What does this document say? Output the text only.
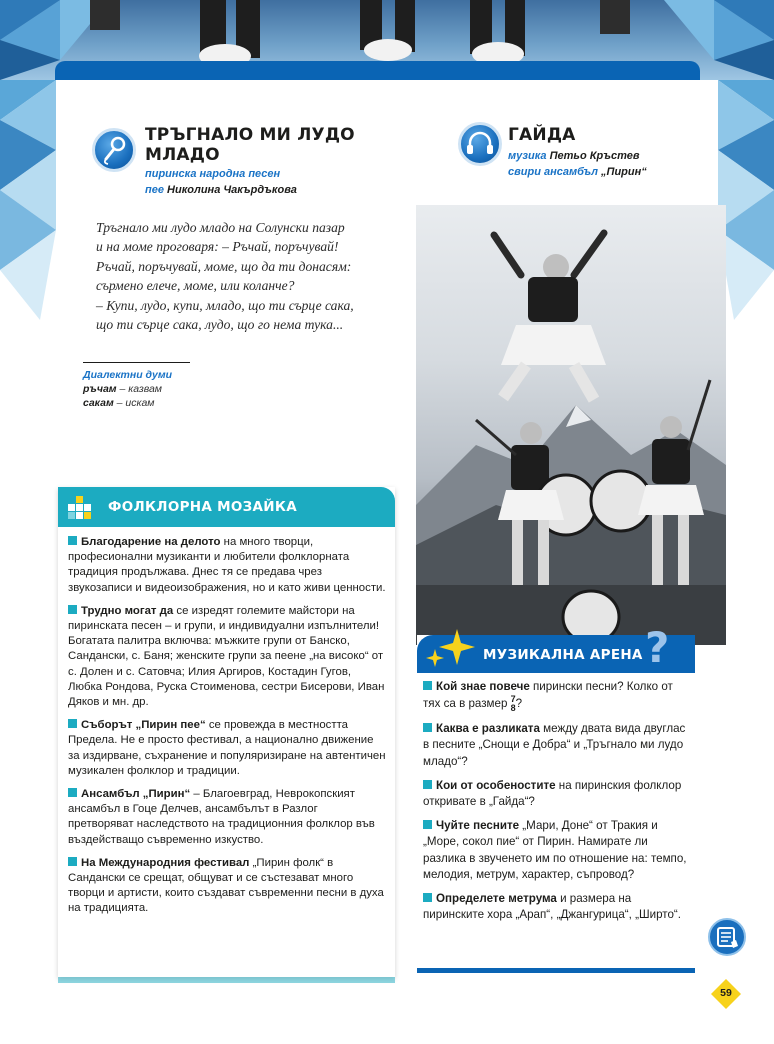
ТРЪГНАЛО МИ ЛУДО
МЛАДО
пиринска народна песен
пее Николина Чакърдъкова
ГАЙДА
музика Петьо Кръстев
свири ансамбъл „Пирин“
Тръгнало ми лудо младо на Солунски пазар
и на моме проговаря: – Ръчай, поръчувай!
Ръчай, поръчувай, моме, що да ти донасям:
сърмено елече, моме, или коланче?
– Купи, лудо, купи, младо, що ти сърце сака,
що ти сърце сака, лудо, що го нема тука...
Диалектни думи
ръчам – казвам
сакам – искам
ФОЛКЛОРНА МОЗАЙКА
Благодарение на делото на много творци, професионални музиканти и любители фолклорната традиция продължава. Днес тя се предава чрез звукозаписи и видеоизображения, но и като живи ценности.
Трудно могат да се изредят големите майстори на пиринската песен – и групи, и индивидуални изпълнители! Богатата палитра включва: мъжките групи от Банско, Сандански, с. Баня; женските групи за пеене „на високо“ от с. Долен и с. Сатовча; Илия Аргиров, Костадин Гугов, Любка Рондова, Руска Стоименова, сестри Бисерови, Иван Дяков и мн. др.
Съборът „Пирин пее“ се провежда в местността Предела. Не е просто фестивал, а национално движение за издирване, съхранение и популяризиране на автентичен музикален фолклор и традиции.
Ансамбъл „Пирин“ – Благоевград, Неврокопският ансамбъл в Гоце Делчев, ансамбълът в Разлог претворяват наследството на традиционния фолклор във въздействащо съвременно изкуство.
На Международния фестивал „Пирин фолк“ в Сандански се срещат, общуват и се състезават много творци и артисти, които създават съвременни песни в духа на традицията.
МУЗИКАЛНА АРЕНА ?
Кой знае повече пирински песни? Колко от тях са в размер 7
8 ?
Каква е разликата между двата вида двуглас в песните „Снощи е Добра“ и „Тръгнало ми лудо младо“?
Кои от особеностите на пиринския фолклор откривате в „Гайда“?
Чуйте песните „Мари, Доне“ от Тракия и „Море, сокол пие“ от Пирин. Намирате ли разлика в звученето им по отношение на: темпо, мелодия, метрум, характер, съпровод?
Определете метрума и размера на пиринските хора „Арап“, „Джангурица“, „Ширто“.
59
